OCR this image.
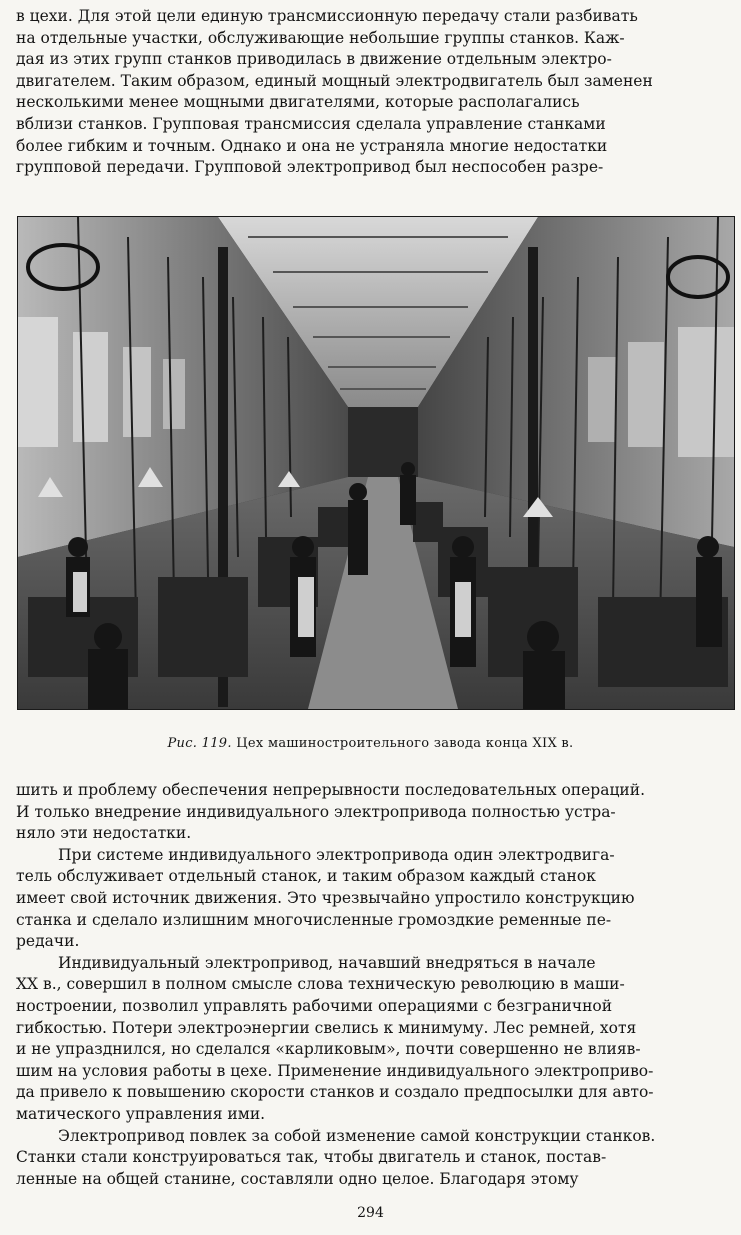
в цехи. Для этой цели единую трансмиссионную передачу стали разбивать
на отдельные участки, обслуживающие небольшие группы станков. Каж-
дая из этих групп станков приводилась в движение отдельным электро-
двигателем. Таким образом, единый мощный электродвигатель был заменен
несколькими менее мощными двигателями, которые располагались
вблизи станков. Групповая трансмиссия сделала управление станками
более гибким и точным. Однако и она не устраняла многие недостатки
групповой передачи. Групповой электропривод был неспособен разре-

Рис. 119. Цех машиностроительного завода конца XIX в.

шить и проблему обеспечения непрерывности последовательных операций.
И только внедрение индивидуального электропривода полностью устра-
няло эти недостатки.

При системе индивидуального электропривода один электродвига-
тель обслуживает отдельный станок, и таким образом каждый станок
имеет свой источник движения. Это чрезвычайно упростило конструкцию
станка и сделало излишним многочисленные громоздкие ременные пе-
редачи.

Индивидуальный электропривод, начавший внедряться в начале
XX в., совершил в полном смысле слова техническую революцию в маши-
ностроении, позволил управлять рабочими операциями с безграничной
гибкостью. Потери электроэнергии свелись к минимуму. Лес ремней, хотя
и не упразднился, но сделался «карликовым», почти совершенно не влияв-
шим на условия работы в цехе. Применение индивидуального электроприво-
да привело к повышению скорости станков и создало предпосылки для авто-
матического управления ими.

Электропривод повлек за собой изменение самой конструкции станков.
Станки стали конструироваться так, чтобы двигатель и станок, постав-
ленные на общей станине, составляли одно целое. Благодаря этому

294
